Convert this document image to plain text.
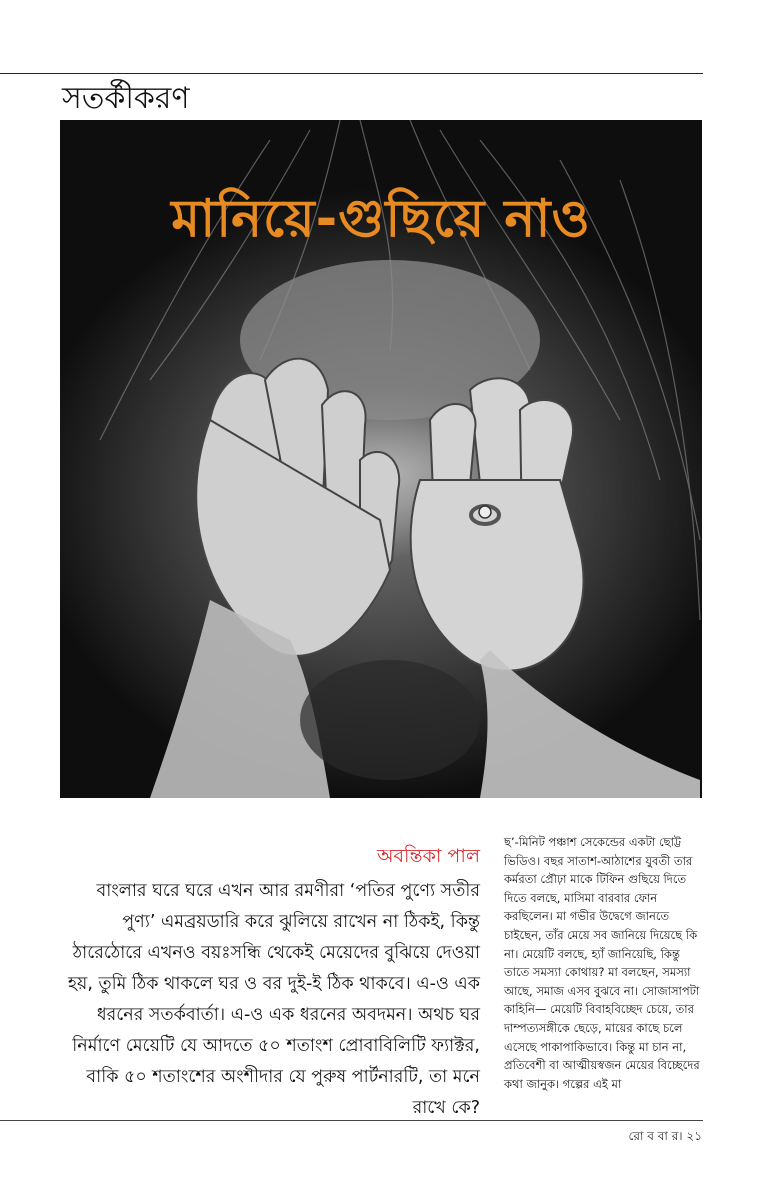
সতর্কীকরণ
মানিয়ে-গুছিয়ে নাও
অবন্তিকা পাল
বাংলার ঘরে ঘরে এখন আর রমণীরা ‘পতির পুণ্যে সতীর পুণ্য’ এমব্রয়ডারি করে ঝুলিয়ে রাখেন না ঠিকই, কিন্তু ঠারেঠোরে এখনও বয়ঃসন্ধি থেকেই মেয়েদের বুঝিয়ে দেওয়া হয়, তুমি ঠিক থাকলে ঘর ও বর দুই-ই ঠিক থাকবে। এ-ও এক ধরনের সতর্কবার্তা। এ-ও এক ধরনের অবদমন। অথচ ঘর নির্মাণে মেয়েটি যে আদতে ৫০ শতাংশ প্রোবাবিলিটি ফ্যাক্টর, বাকি ৫০ শতাংশের অংশীদার যে পুরুষ পার্টনারটি, তা মনে রাখে কে?
ছ’-মিনিট পঞ্চাশ সেকেন্ডের একটা ছোট্ট ভিডিও। বছর সাতাশ-আঠাশের যুবতী তার কর্মরতা প্রৌঢ়া মাকে টিফিন গুছিয়ে দিতে দিতে বলছে, মাসিমা বারবার ফোন করছিলেন। মা গভীর উদ্বেগে জানতে চাইছেন, তাঁর মেয়ে সব জানিয়ে দিয়েছে কি না। মেয়েটি বলছে, হ্যাঁ জানিয়েছি, কিন্তু তাতে সমস্যা কোথায়? মা বলছেন, সমস্যা আছে, সমাজ এসব বুঝবে না। সোজাসাপটা কাহিনি— মেয়েটি বিবাহবিচ্ছেদ চেয়ে, তার দাম্পত্যসঙ্গীকে ছেড়ে, মায়ের কাছে চলে এসেছে পাকাপাকিভাবে। কিন্তু মা চান না, প্রতিবেশী বা আত্মীয়স্বজন মেয়ের বিচ্ছেদের কথা জানুক। গল্পের এই মা
রো ব বা র। ২১
